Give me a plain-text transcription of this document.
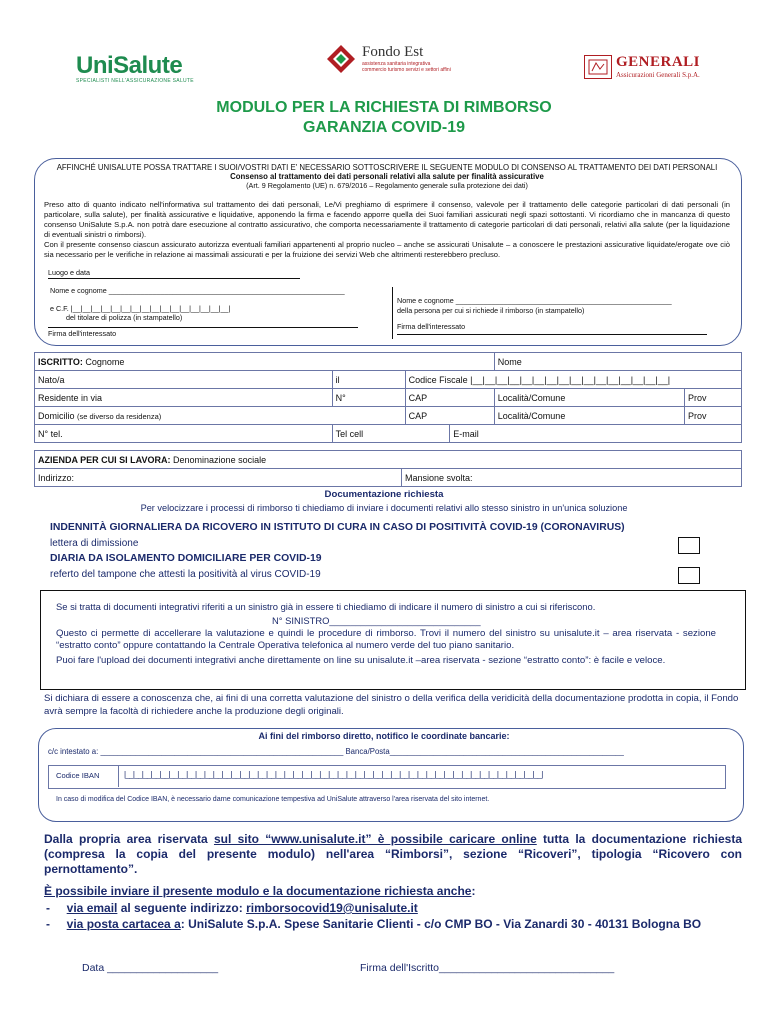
UniSalute
SPECIALISTI NELL'ASSICURAZIONE SALUTE
Fondo Est
assistenza sanitaria integrativa commercio turismo servizi e settori affini	GENERALI
Assicurazioni Generali S.p.A.
MODULO PER LA RICHIESTA DI RIMBORSO
GARANZIA COVID-19
AFFINCHÉ UNISALUTE POSSA TRATTARE I SUOI/VOSTRI DATI E' NECESSARIO SOTTOSCRIVERE IL SEGUENTE MODULO DI CONSENSO AL TRATTAMENTO DEI DATI PERSONALI
Consenso al trattamento dei dati personali relativi alla salute per finalità assicurative
(Art. 9 Regolamento (UE) n. 679/2016 – Regolamento generale sulla protezione dei dati)
Preso atto di quanto indicato nell'informativa sul trattamento dei dati personali, Le/Vi preghiamo di esprimere il consenso, valevole per il trattamento delle categorie particolari di dati personali (in particolare, sulla salute), per finalità assicurative e liquidative, apponendo la firma e facendo apporre quella dei Suoi familiari assicurati negli spazi sottostanti. Vi ricordiamo che in mancanza di questo consenso UniSalute S.p.A. non potrà dare esecuzione al contratto assicurativo, che comporta necessariamente il trattamento di categorie particolari di dati personali, relativi alla salute (per la liquidazione di eventuali sinistri o rimborsi).
Con il presente consenso ciascun assicurato autorizza eventuali familiari appartenenti al proprio nucleo – anche se assicurati Unisalute – a conoscere le prestazioni assicurative liquidate/erogate ove ciò sia necessario per le verifiche in relazione ai massimali assicurati e per la fruizione dei servizi Web che altrimenti resterebbero precluso.
Luogo e data
Nome e cognome ___________________________________________________________
e C.F. |__|__|__|__|__|__|__|__|__|__|__|__|__|__|__|__|
del titolare di polizza (in stampatello)
Firma dell'interessato
Nome e cognome ______________________________________________________
della persona per cui si richiede il rimborso (in stampatello)
Firma dell'interessato
ISCRITTO: Cognome				Nome	
Nato/a	il	Codice Fiscale |__|__|__|__|__|__|__|__|__|__|__|__|__|__|__|__|			
Residente in via	N°	CAP		Località/Comune	Prov
Domicilio (se diverso da residenza)		CAP		Località/Comune	Prov
N° tel.	Tel cell		E-mail		
AZIENDA PER CUI SI LAVORA: Denominazione sociale
Indirizzo:	Mansione svolta:
Documentazione richiesta
Per velocizzare i processi di rimborso ti chiediamo di inviare i documenti relativi allo stesso sinistro in un'unica soluzione
INDENNITÀ GIORNALIERA DA RICOVERO IN ISTITUTO DI CURA IN CASO DI POSITIVITÀ COVID-19 (CORONAVIRUS)
lettera di dimissione
DIARIA DA ISOLAMENTO DOMICILIARE PER COVID-19
referto del tampone che attesti la positività al virus COVID-19
Se si tratta di documenti integrativi riferiti a un sinistro già in essere ti chiediamo di indicare il numero di sinistro a cui si riferiscono.
N° SINISTRO_____________________________
Questo ci permette di accellerare la valutazione e quindi le procedure di rimborso. Trovi il numero del sinistro su unisalute.it – area riservata - sezione “estratto conto” oppure contattando la Centrale Operativa telefonica al numero verde del tuo piano sanitario.
Puoi fare l'upload dei documenti integrativi anche direttamente on line su unisalute.it –area riservata - sezione “estratto conto”: è facile e veloce.
Si dichiara di essere a conoscenza che, ai fini di una corretta valutazione del sinistro o della verifica della veridicità della documentazione prodotta in copia, il Fondo avrà sempre la facoltà di richiedere anche la produzione degli originali.
Ai fini del rimborso diretto, notifico le coordinate bancarie:
c/c intestato a: ________________________________________________________ Banca/Posta______________________________________________________
Codice IBAN	|__|__|__|__|__|__|__|__|__|__|__|__|__|__|__|__|__|__|__|__|__|__|__|__|__|__|__|__|__|__|__|__|__|__|__|__|__|__|__|__|__|__|__|__|__|__|__|
In caso di modifica del Codice IBAN, è necessario darne comunicazione tempestiva ad UniSalute attraverso l'area riservata del sito internet.
Dalla propria area riservata sul sito “www.unisalute.it” è possibile caricare online tutta la documentazione richiesta (compresa la copia del presente modulo) nell'area “Rimborsi”, sezione “Ricoveri”, tipologia “Ricovero con pernottamento”.
È possibile inviare il presente modulo e la documentazione richiesta anche:
-     via email al seguente indirizzo: rimborsocovid19@unisalute.it
-     via posta cartacea a: UniSalute S.p.A. Spese Sanitarie Clienti - c/o CMP BO - Via Zanardi 30 - 40131 Bologna BO
Data ___________________	Firma dell'Iscritto______________________________
